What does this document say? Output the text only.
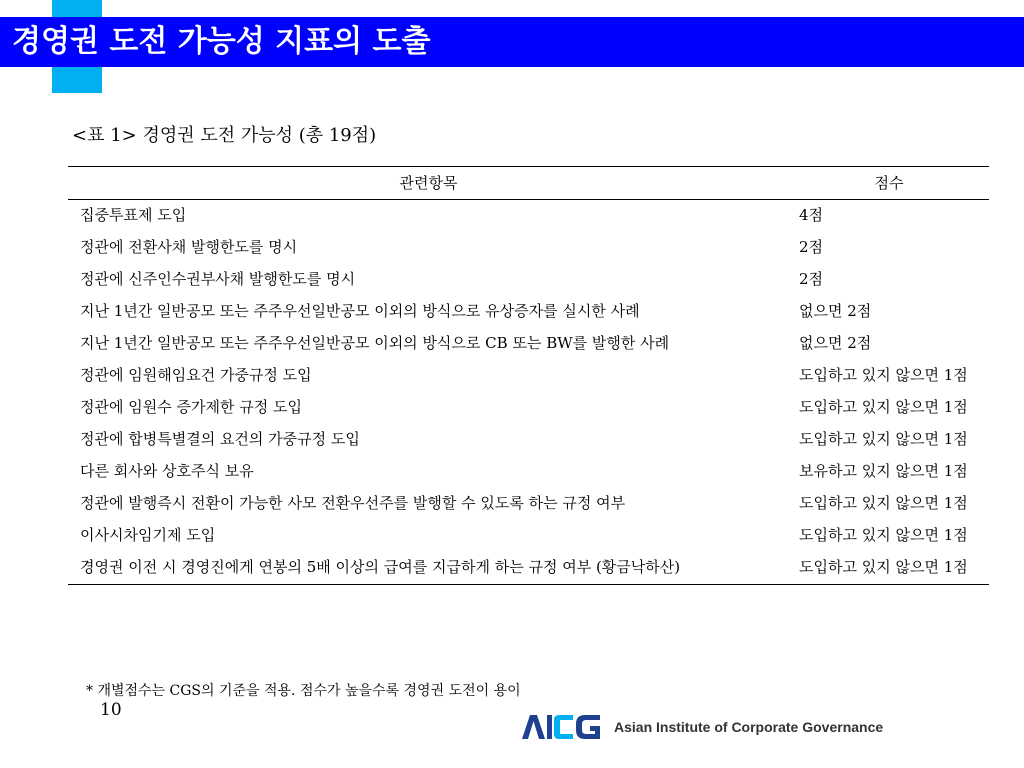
경영권 도전 가능성 지표의 도출
<표 1> 경영권 도전 가능성 (총 19점)
관련항목	점수
집중투표제 도입	4점
정관에 전환사채 발행한도를 명시	2점
정관에 신주인수권부사채 발행한도를 명시	2점
지난 1년간 일반공모 또는 주주우선일반공모 이외의 방식으로 유상증자를 실시한 사례	없으면 2점
지난 1년간 일반공모 또는 주주우선일반공모 이외의 방식으로 CB 또는 BW를 발행한 사례	없으면 2점
정관에 임원해임요건 가중규정 도입	도입하고 있지 않으면 1점
정관에 임원수 증가제한 규정 도입	도입하고 있지 않으면 1점
정관에 합병특별결의 요건의 가중규정 도입	도입하고 있지 않으면 1점
다른 회사와 상호주식 보유	보유하고 있지 않으면 1점
정관에 발행즉시 전환이 가능한 사모 전환우선주를 발행할 수 있도록 하는 규정 여부	도입하고 있지 않으면 1점
이사시차임기제 도입	도입하고 있지 않으면 1점
경영권 이전 시 경영진에게 연봉의 5배 이상의 급여를 지급하게 하는 규정 여부 (황금낙하산)	도입하고 있지 않으면 1점
* 개별점수는 CGS의 기준을 적용. 점수가 높을수록 경영권 도전이 용이
10
Asian Institute of Corporate Governance
